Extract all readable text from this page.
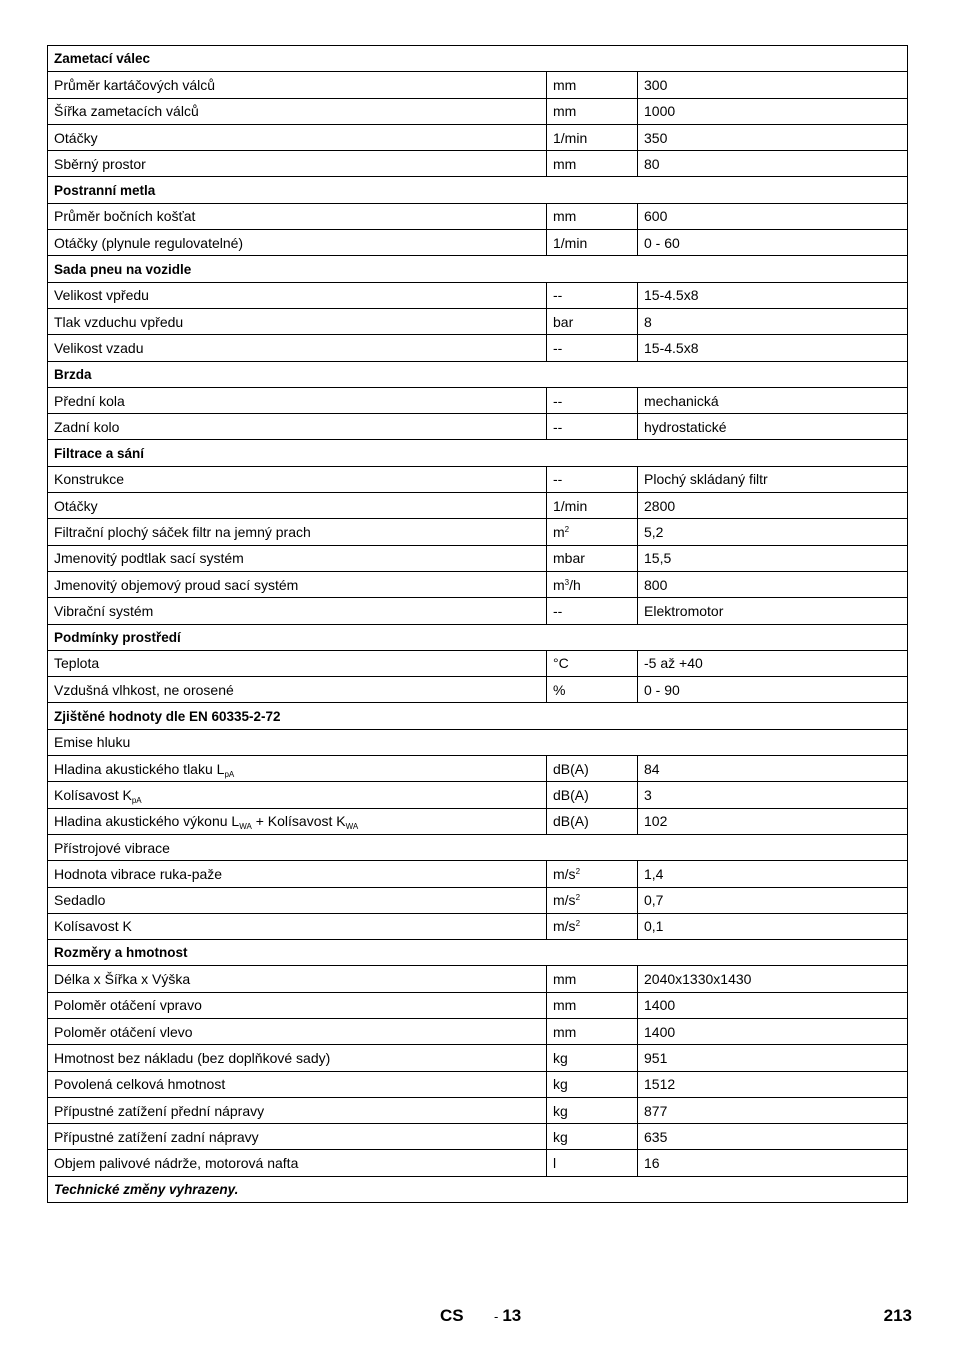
Zametací válec		
Průměr kartáčových válců	mm	300
Šířka zametacích válců	mm	1000
Otáčky	1/min	350
Sběrný prostor	mm	80
Postranní metla		
Průměr bočních košťat	mm	600
Otáčky (plynule regulovatelné)	1/min	0 - 60
Sada pneu na vozidle		
Velikost vpředu	--	15-4.5x8
Tlak vzduchu vpředu	bar	8
Velikost vzadu	--	15-4.5x8
Brzda		
Přední kola	--	mechanická
Zadní kolo	--	hydrostatické
Filtrace a sání		
Konstrukce	--	Plochý skládaný filtr
Otáčky	1/min	2800
Filtrační plochý sáček filtr na jemný prach	$m^2$	5,2
Jmenovitý podtlak sací systém	mbar	15,5
Jmenovitý objemový proud sací systém	$m^3/h$	800
Vibrační systém	--	Elektromotor
Podmínky prostředí		
Teplota	°C	-5 až +40
Vzdušná vlhkost, ne orosené	%	0 - 90
Zjištěné hodnoty dle EN 60335-2-72		
Emise hluku		
Hladina akustického tlaku $L_{pA}$	dB(A)	84
Kolísavost $K_{pA}$	dB(A)	3
Hladina akustického výkonu $L_{WA}$ + Kolísavost $K_{WA}$	dB(A)	102
Přístrojové vibrace		
Hodnota vibrace ruka-paže	$m/s^2$	1,4
Sedadlo	$m/s^2$	0,7
Kolísavost K	$m/s^2$	0,1
Rozměry a hmotnost		
Délka x Šířka x Výška	mm	2040x1330x1430
Poloměr otáčení vpravo	mm	1400
Poloměr otáčení vlevo	mm	1400
Hmotnost bez nákladu (bez doplňkové sady)	kg	951
Povolená celková hmotnost	kg	1512
Přípustné zatížení přední nápravy	kg	877
Přípustné zatížení zadní nápravy	kg	635
Objem palivové nádrže, motorová nafta	l	16
Technické změny vyhrazeny.		
CS - 13	213
